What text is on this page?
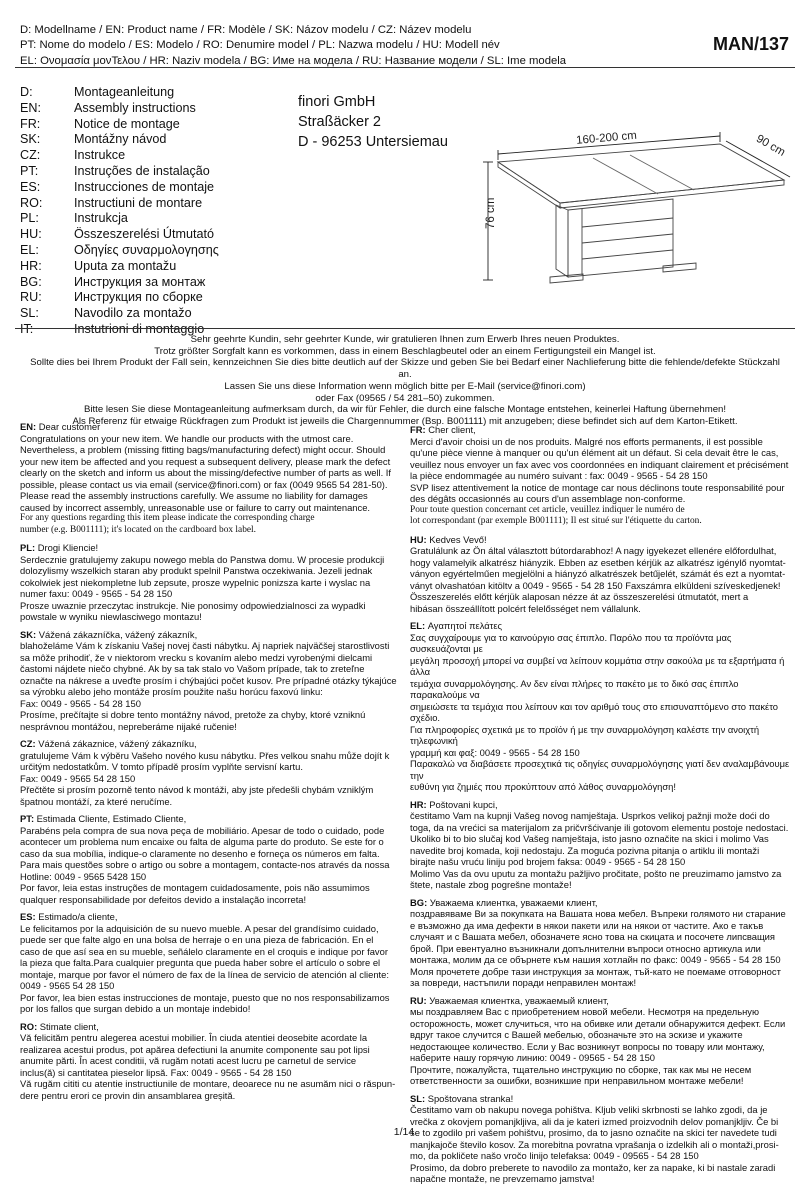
D: Modellname / EN: Product name / FR: Modèle / SK: Názov modelu / CZ: Název modelu
PT: Nome do modelo / ES: Modelo / RO: Denumire model / PL: Nazwa modelu / HU: Modell név
EL: Ονομασία μονΤελου / HR: Naziv modela / BG: Име на модела / RU: Название модели / SL: Ime modela
MAN/137
D:	Montageanleitung
EN:	Assembly instructions
FR:	Notice de montage
SK:	Montážny návod
CZ:	Instrukce
PT:	Instruções de instalação
ES:	Instrucciones de montaje
RO:	Instructiuni de montare
PL:	Instrukcja
HU:	Összeszerelési Útmutató
EL:	Οδηγίες συναρμολογησης
HR:	Uputa za montažu
BG:	Инструкция за монтаж
RU:	Инструкция по сборке
SL:	Navodilo za montažo
IT:	Instutrioni di montaggio
finori GmbH
Straßäcker 2
D - 96253 Untersiemau	160-200 cm	90 cm
76 cm
Sehr geehrte Kundin, sehr geehrter Kunde, wir gratulieren Ihnen zum Erwerb Ihres neuen Produktes.
Trotz größter Sorgfalt kann es vorkommen, dass in einem Beschlagbeutel oder an einem Fertigungsteil ein Mangel ist.
Sollte dies bei Ihrem Produkt der Fall sein, kennzeichnen Sie dies bitte deutlich auf der Skizze und geben Sie bei Bedarf einer Nachlieferung bitte die fehlende/defekte Stückzahl an.
Lassen Sie uns diese Information wenn möglich bitte per E-Mail (service@finori.com)
oder Fax (09565 / 54 281–50) zukommen.
Bitte lesen Sie diese Montageanleitung aufmerksam durch, da wir für Fehler, die durch eine falsche Montage entstehen, keinerlei Haftung übernehmen!
Als Referenz für etwaige Rückfragen zum Produkt ist jeweils die Chargennummer (Bsp. B001111) mit anzugeben; diese befindet sich auf dem Karton-Etikett.

EN: Dear customer

Congratulations on your new item. We handle our products with the utmost care.

Nevertheless, a problem (missing fitting bags/manufacturing defect) might occur. Should

your new item be affected and you request a subsequent delivery, please mark the defect

clearly on the sketch and inform us about the missing/defective number of parts as well. If

possible, please contact us via email (service@finori.com) or fax (0049 9565 54 281-50).

Please read the assembly instructions carefully. We assume no liability for damages

caused by incorrect assembly, unreasonable use or failure to carry out maintenance.

For any questions regarding this item please indicate the corresponding charge

number (e.g. B001111); it's located on the cardboard box label.

PL: Drogi Kliencie!

Serdecznie gratulujemy zakupu nowego mebla do Panstwa domu. W procesie produkcji

dolozylismy wszelkich staran aby produkt spelnil Panstwa oczekiwania. Jezeli jednak

cokolwiek jest niekompletne lub zepsute, prosze wypelnic ponizsza karte i wyslac na

numer faxu: 0049 - 9565 - 54 28 150

Prosze uwaznie przeczytac instrukcje. Nie ponosimy odpowiedzialnosci za wypadki

powstale w wyniku niewlasciwego montazu!

SK: Vážená zákazníčka, vážený zákazník,

blahoželáme Vám k získaniu Vašej novej časti nábytku. Aj napriek najväčšej starostlivosti

sa môže prihodiť, že v niektorom vrecku s kovaním alebo medzi vyrobenými dielcami

častomi nájdete niečo chybné. Ak by sa tak stalo vo Vašom prípade, tak to zreteľne

označte na nákrese a uveďte prosím i chýbajúci počet kusov. Pre prípadné otázky týkajúce

sa výrobku alebo jeho montáže prosím použite našu horúcu faxovú linku:

Fax: 0049 - 9565 - 54 28 150

Prosíme, prečítajte si dobre tento montážny návod, pretože za chyby, ktoré vzniknú

nesprávnou montážou, nepreberáme nijaké ručenie!

CZ: Vážená zákaznice, vážený zákazníku,

gratulujeme Vám k výběru Vašeho nového kusu nábytku. Přes velkou snahu může dojít k

určitým nedostatkům. V tomto případě prosím vyplňte servisní kartu.

Fax: 0049 - 9565 54 28 150

Přečtěte si prosím pozorně tento návod k montáži, aby jste předešli chybám vzniklým

špatnou montáží, za které neručíme.

PT: Estimada Cliente, Estimado Cliente,

Parabéns pela compra de sua nova peça de mobiliário. Apesar de todo o cuidado, pode

acontecer um problema num encaixe ou falta de alguma parte do produto. Se este for o

caso da sua mobília, indique-o claramente no desenho e forneça os números em falta.

Para mais questões sobre o artigo ou sobre a montagem, contacte-nos através da nossa

Hotline: 0049 - 9565 5428 150

Por favor, leia estas instruções de montagem cuidadosamente, pois não assumimos

qualquer responsabilidade por defeitos devido a instalação incorreta!

ES: Estimado/a cliente,

Le felicitamos por la adquisición de su nuevo mueble. A pesar del grandísimo cuidado,

puede ser que falte algo en una bolsa de herraje o en una pieza de fabricación. En el

caso de que así sea en su mueble, señálelo claramente en el croquis e indique por favor

la pieza que falta.Para cualquier pregunta que pueda haber sobre el artículo o sobre el

montaje, marque por favor el número de fax de la línea de servicio de atención al cliente:

0049 - 9565 54 28 150

Por favor, lea bien estas instrucciones de montaje, puesto que no nos responsabilizamos

por los fallos que surgan debido a un montaje indebido!

RO: Stimate client,

Vă felicităm pentru alegerea acestui mobilier. În ciuda atentiei deosebite acordate la

realizarea acestui produs, pot apărea defectiuni la anumite componente sau pot lipsi

anumite părti. În acest conditii, vă rugăm notati acest lucru pe carnetul de service

inclus(ă) si cantitatea pieselor lipsă. Fax: 0049 - 9565 - 54 28 150

Vă rugăm cititi cu atentie instructiunile de montare, deoarece nu ne asumăm nici o răspun-

dere pentru erori ce provin din ansamblarea greșită.

FR: Cher client,

Merci d'avoir choisi un de nos produits. Malgré nos efforts permanents, il est possible

qu'une pièce vienne à manquer ou qu'un élément ait un défaut. Si cela devait être le cas,

veuillez nous envoyer un fax avec vos coordonnées en indiquant clairement et précisément

la pièce endommagée au numéro suivant : fax: 0049 - 9565 - 54 28 150

SVP lisez attentivement la notice de montage car nous déclinons toute responsabilité pour

des dégâts occasionnés au cours d'un assemblage non-conforme.

Pour toute question concernant cet article, veuillez indiquer le numéro de

lot correspondant (par exemple B001111); Il est situé sur l'étiquette du carton.

HU: Kedves Vevő!

Gratulálunk az Ön által választott bútordarabhoz! A nagy igyekezet ellenére előfordulhat,

hogy valamelyik alkatrész hiányzik. Ebben az esetben kérjük az alkatrész igénylő nyomtat-

ványon egyértelműen megjelölni a hiányzó alkatrészek betűjelét, számát és ezt a nyomtat-

ványt olvashatóan kitöltv a 0049 - 9565 - 54 28 150 Faxszámra elküldeni szíveskedjenek!

Összeszerelés előtt kérjük alaposan nézze át az összeszerelési útmutatót, mert a

hibásan összeállított polcért felelősséget nem vállalunk.

EL: Αγαπητοί πελάτες

Σας συγχαίρουμε για το καινούργιο σας έπιπλο. Παρόλο που τα προϊόντα μας συσκευάζονται με

μεγάλη προσοχή μπορεί να συμβεί να λείπουν κομμάτια στην σακούλα με τα εξαρτήματα ή άλλα

τεμάχια συναρμολόγησης. Αν δεν είναι πλήρες το πακέτο με το δικό σας έπιπλο παρακαλούμε να

σημειώσετε τα τεμάχια που λείπουν και τον αριθμό τους στο επισυναπτόμενο στο πακέτο σχέδιο.

Για πληροφορίες σχετικά με το προϊόν ή με την συναρμολόγηση καλέστε την ανοιχτή τηλεφωνική

γραμμή και φαξ: 0049 - 9565 - 54 28 150

Παρακαλώ να διαβάσετε προσεχτικά τις οδηγίες συναρμολόγησης γιατί δεν αναλαμβάνουμε την

ευθύνη για ζημιές που προκύπτουν από λάθος συναρμολόγηση!

HR: Poštovani kupci,

čestitamo Vam na kupnji Vašeg novog namještaja. Usprkos velikoj pažnji može doći do

toga, da na vrećici sa materijalom za pričvršćivanje ili gotovom elementu postoje nedostaci.

Ukoliko bi to bio slučaj kod Vašeg namještaja, isto jasno označite na skici i molimo Vas

navedite broj komada, koji nedostaju. Za moguća pozivna pitanja o artiklu ili montaži

birajte našu vruću liniju pod brojem faksa: 0049 - 9565 - 54 28 150

Molimo Vas da ovu uputu za montažu pažljivo pročitate, pošto ne preuzimamo jamstvo za

štete, nastale zbog pogrešne montaže!

BG: Уважаема клиентка, уважаеми клиент,

поздравяваме Ви за покупката на Вашата нова мебел. Въпреки голямото ни старание

е възможно да има дефекти в някои пакети или на някои от частите. Ако е такъв

случаят и с Вашата мебел, обозначете ясно това на скицата и посочете липсващия

брой. При евентуално възникнали допълнителни въпроси относно артикула или

монтажа, молим да се обърнете към нашия хотлайн по факс: 0049 - 9565 - 54 28 150

Моля прочетете добре тази инструкция за монтаж, тъй-като не поемаме отговорност

за повреди, настъпили поради неправилен монтаж!

RU: Уважаемая клиентка, уважаемый клиент,

мы поздравляем Вас с приобретением новой мебели. Несмотря на предельную

осторожность, может случиться, что на обивке или детали обнаружится дефект. Если

вдруг такое случится с Вашей мебелью, обозначьте это на эскизе и укажите

недостающее количество. Если у Вас возникнут вопросы по товару или монтажу,

наберите нашу горячую линию: 0049 - 09565 - 54 28 150

Прочтите, пожалуйста, тщательно инструкцию по сборке, так как мы не несем

ответственности за ошибки, возникшие при неправильном монтаже мебели!

SL: Spoštovana stranka!

Čestitamo vam ob nakupu novega pohištva. Kljub veliki skrbnosti se lahko zgodi, da je

vrečka z okovjem pomanjkljiva, ali da je kateri izmed proizvodnih delov pomanjkljiv. Če bi

se to zgodilo pri vašem pohištvu, prosimo, da to jasno označite na skici ter navedete tudi

manjkajoče število kosov. Za morebitna povratna vprašanja o izdelkih ali o montaži,prosi-

mo, da pokličete našo vročo linijo telefaksa: 0049 - 09565 - 54 28 150

Prosimo, da dobro preberete to navodilo za montažo, ker za napake, ki bi nastale zaradi

napačne montaže, ne prevzemamo jamstva!

1/14
